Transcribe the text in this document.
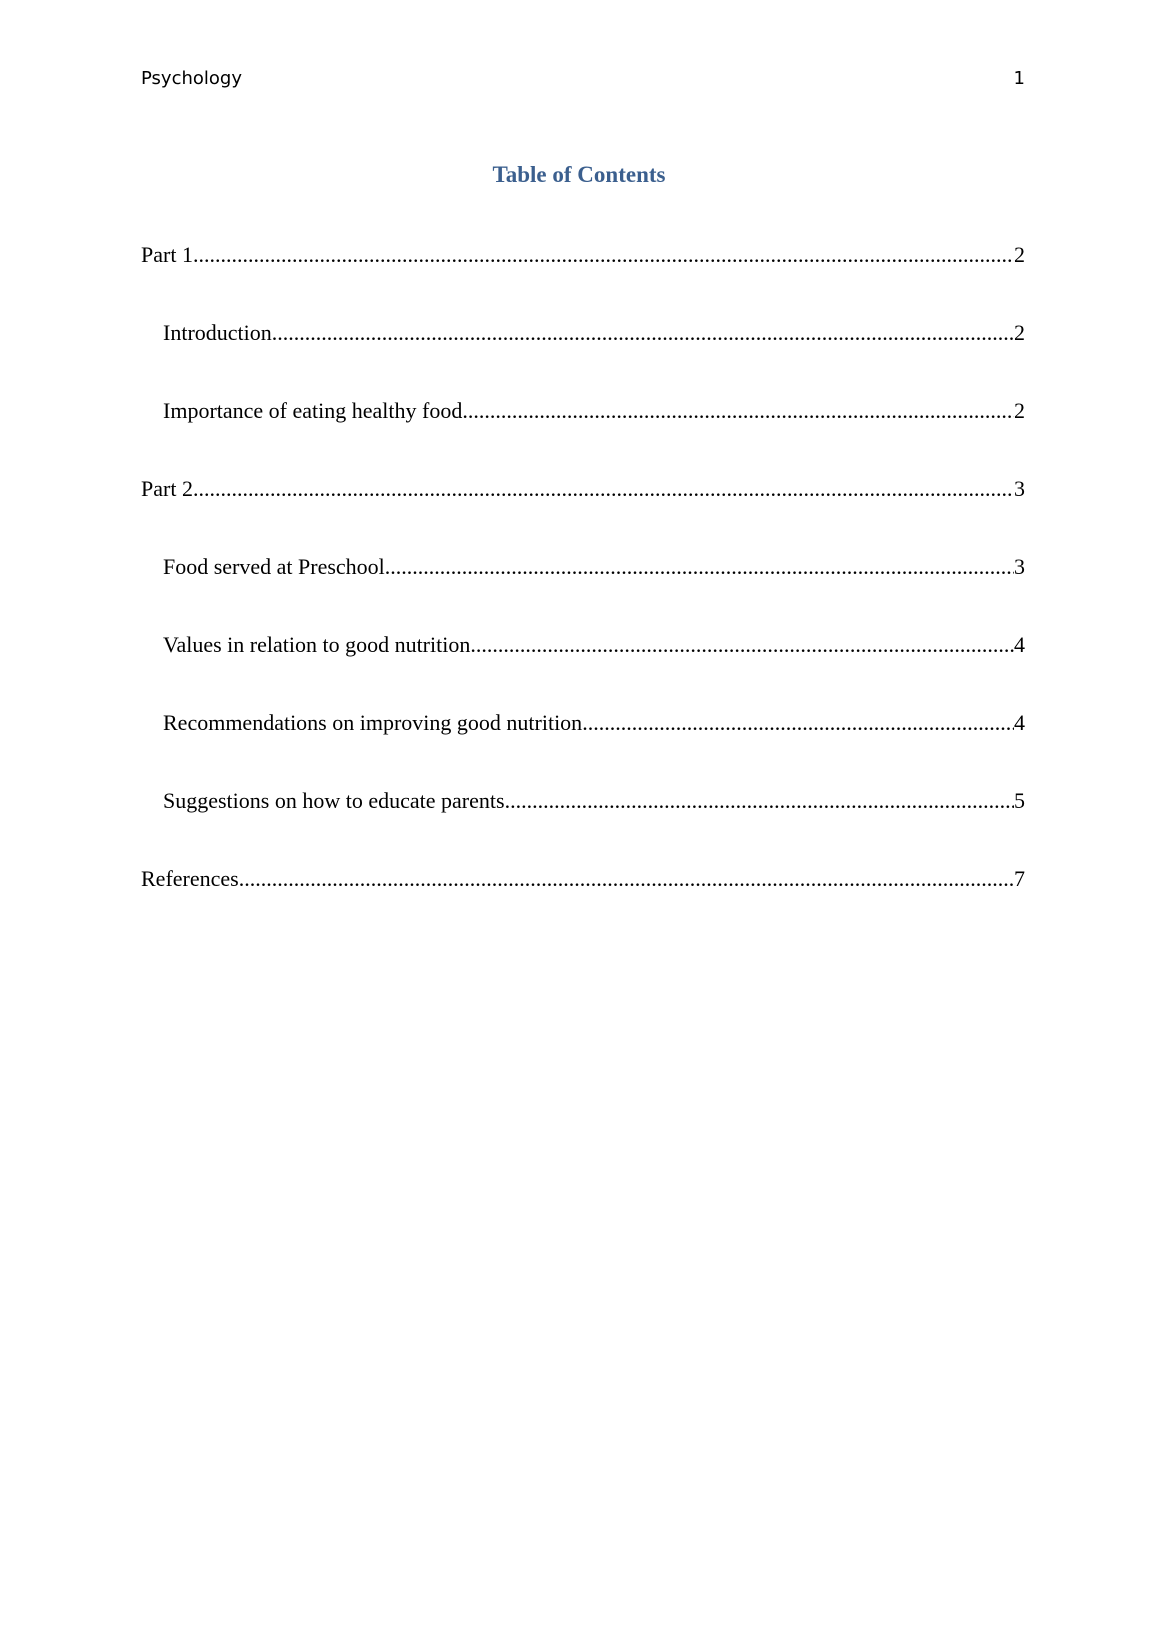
Psychology	1
Table of Contents
Part 1 .....	2
Introduction .....	2
Importance of eating healthy food .....	2
Part 2 .....	3
Food served at Preschool .....	3
Values in relation to good nutrition .....	4
Recommendations on improving good nutrition .....	4
Suggestions on how to educate parents .....	5
References .....	7
